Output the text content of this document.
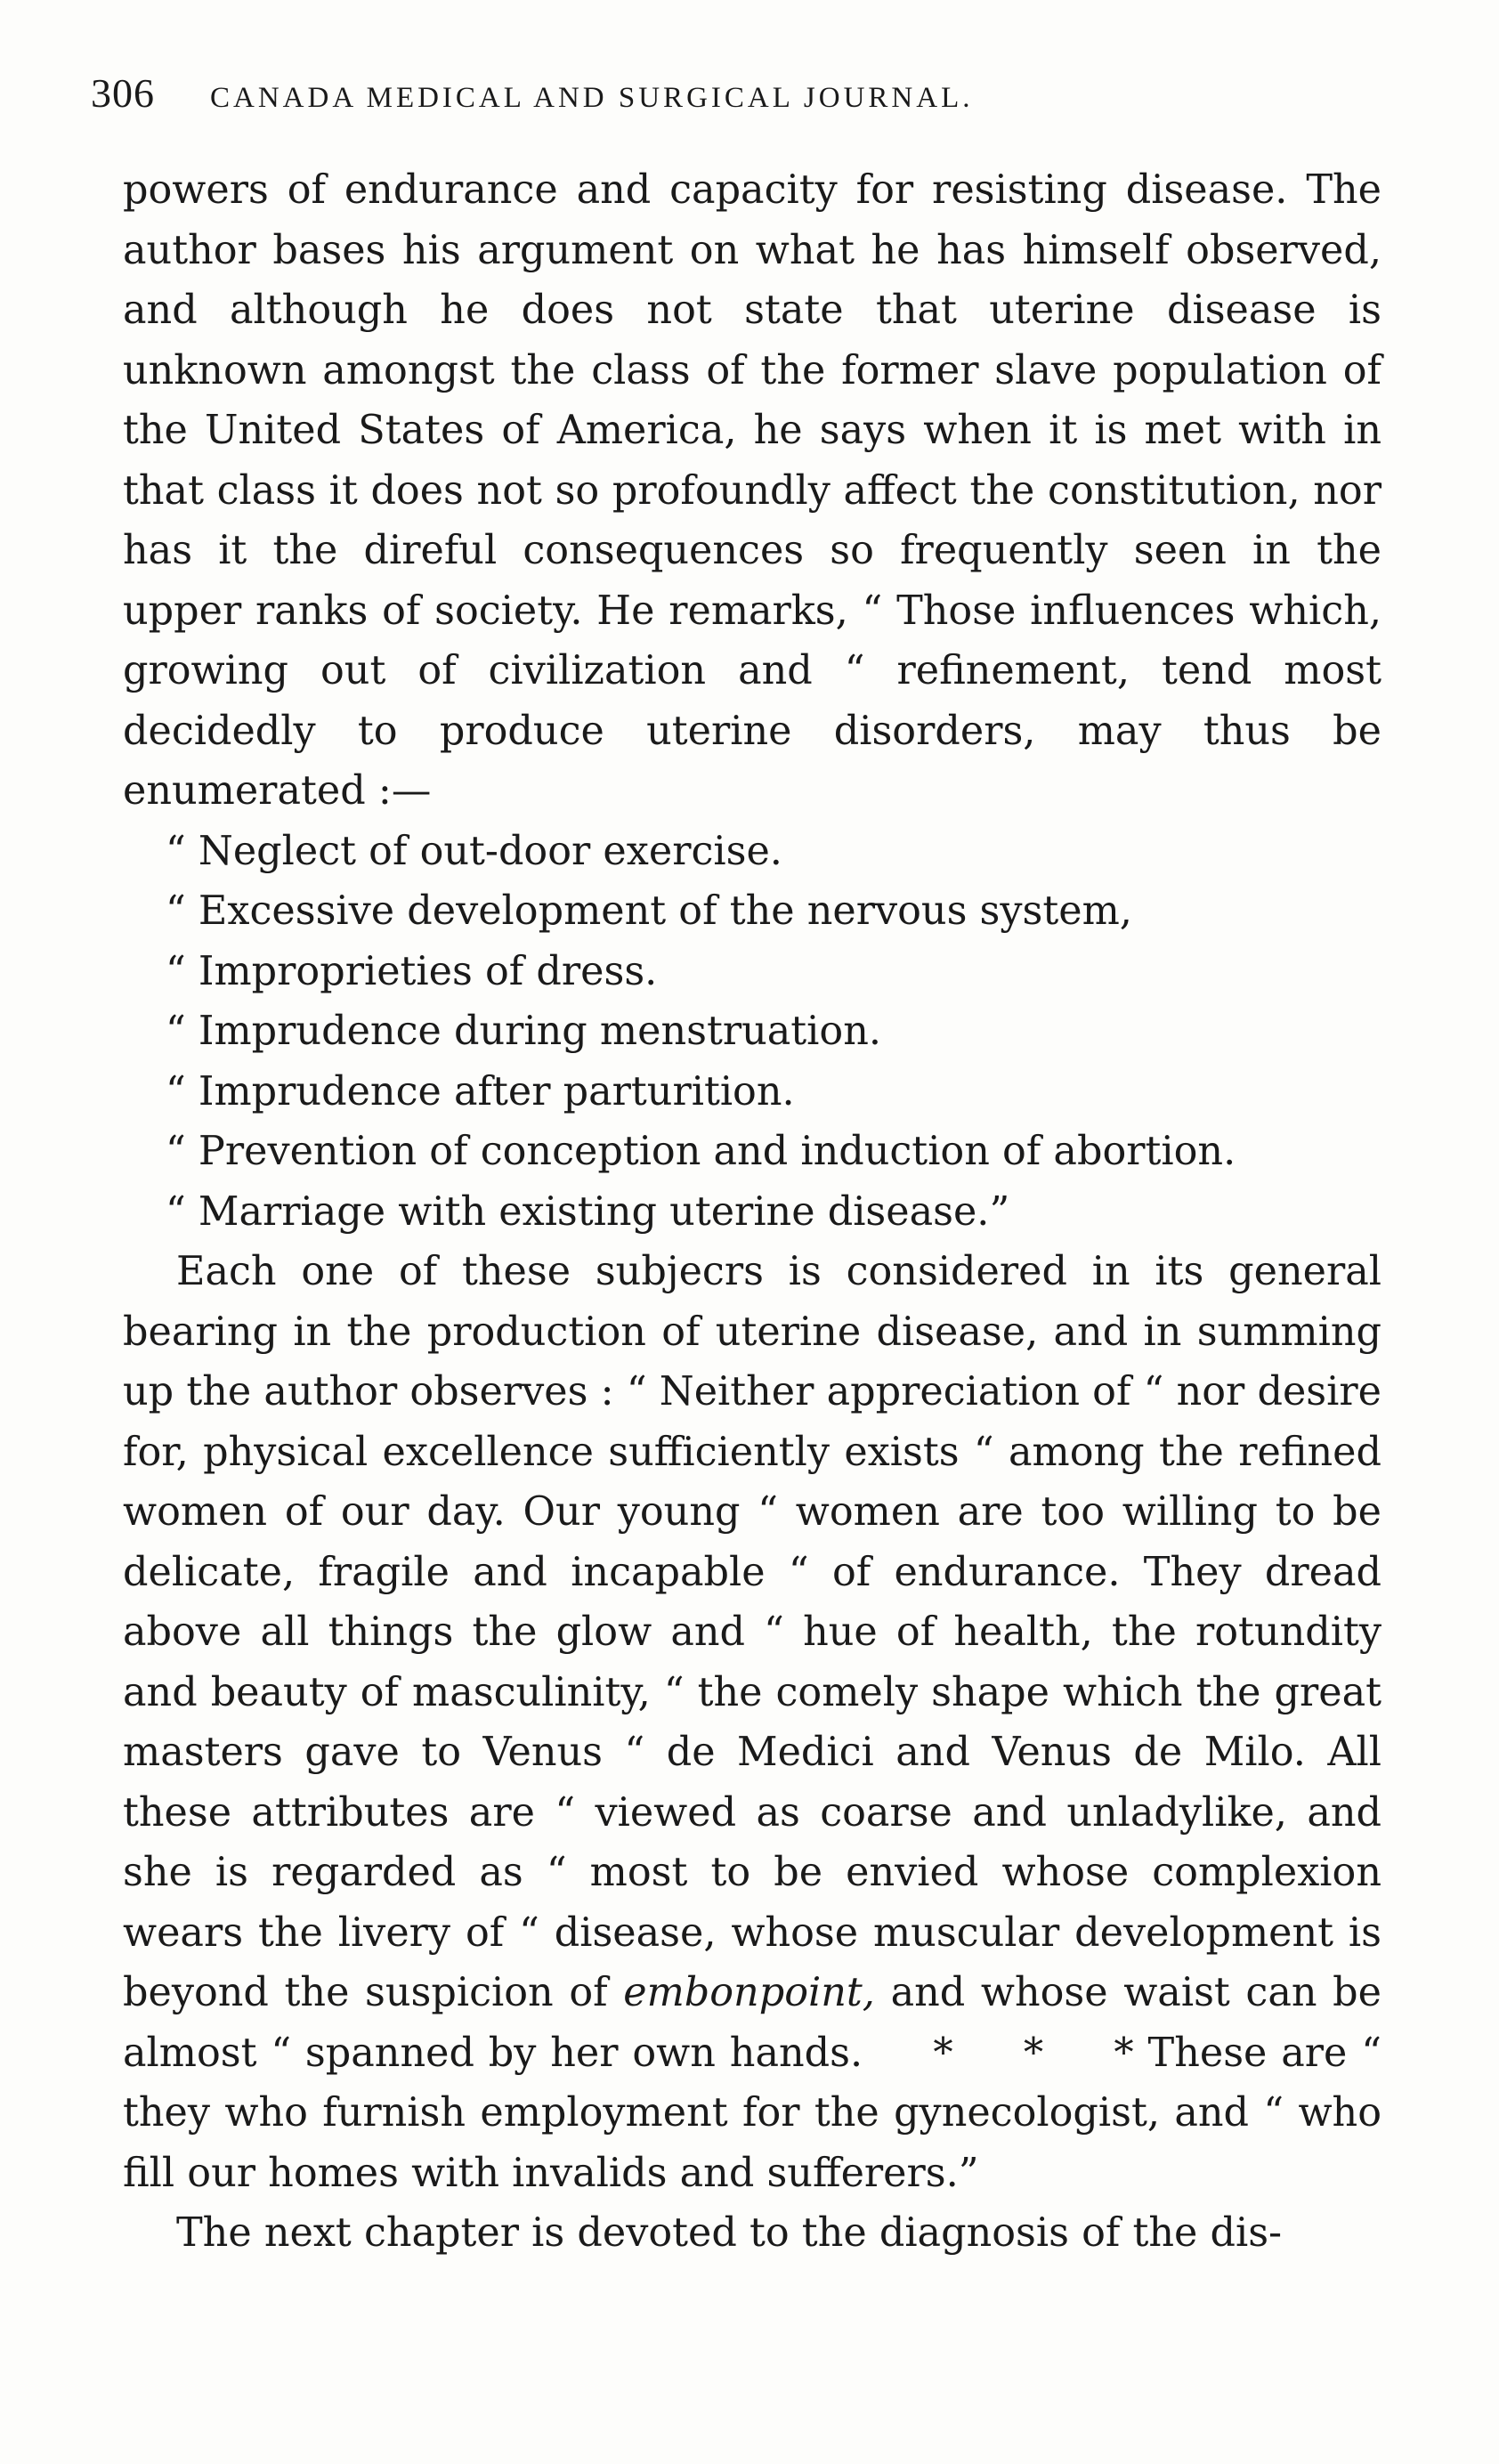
306 CANADA MEDICAL AND SURGICAL JOURNAL.

powers of endurance and capacity for resisting disease. The author bases his argument on what he has himself observed, and although he does not state that uterine disease is unknown amongst the class of the former slave population of the United States of America, he says when it is met with in that class it does not so profoundly affect the constitution, nor has it the direful consequences so frequently seen in the upper ranks of society. He remarks, “ Those influences which, growing out of civilization and “ refinement, tend most decidedly to produce uterine disorders, may thus be enumerated :—

“ Neglect of out-door exercise.
“ Excessive development of the nervous system,
“ Improprieties of dress.
“ Imprudence during menstruation.
“ Imprudence after parturition.
“ Prevention of conception and induction of abortion.
“ Marriage with existing uterine disease.”

Each one of these subjecrs is considered in its general bearing in the production of uterine disease, and in summing up the author observes : “ Neither appreciation of “ nor desire for, physical excellence sufficiently exists “ among the refined women of our day. Our young “ women are too willing to be delicate, fragile and incapable “ of endurance. They dread above all things the glow and “ hue of health, the rotundity and beauty of masculinity, “ the comely shape which the great masters gave to Venus “ de Medici and Venus de Milo. All these attributes are “ viewed as coarse and unladylike, and she is regarded as “ most to be envied whose complexion wears the livery of “ disease, whose muscular development is beyond the suspicion of embonpoint, and whose waist can be almost “ spanned by her own hands.     *     *     * These are “ they who furnish employment for the gynecologist, and “ who fill our homes with invalids and sufferers.”

The next chapter is devoted to the diagnosis of the dis-
